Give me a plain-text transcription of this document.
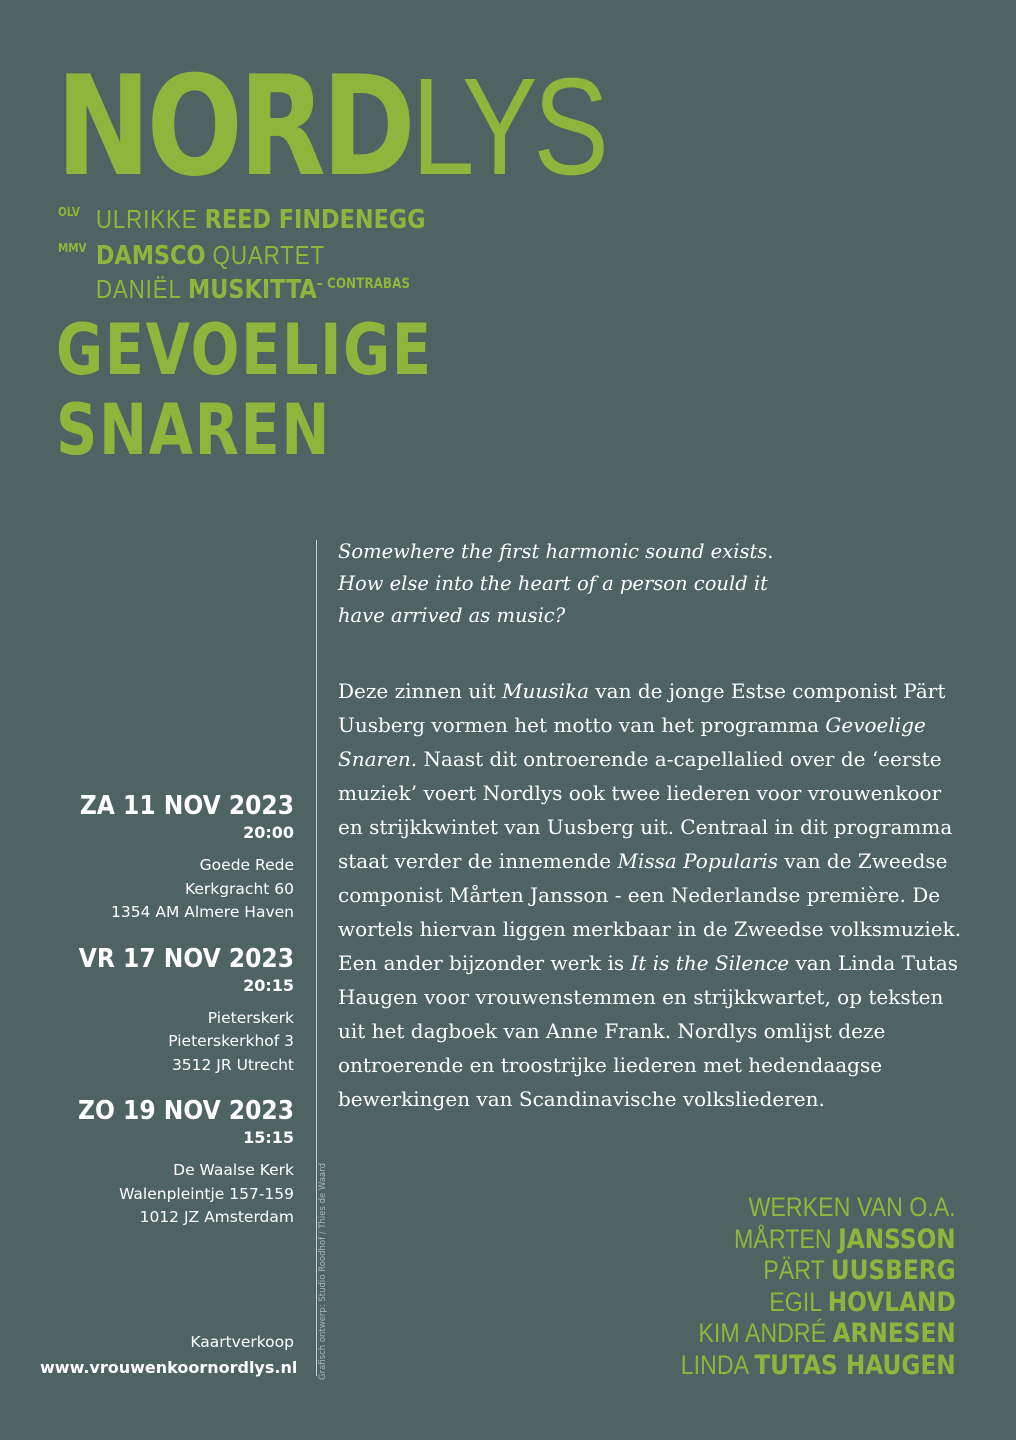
NORDLYS
OLV ULRIKKE REED FINDENEGG
MMV DAMSCO QUARTET
DANIËL $MUSKITTA^{- CONTRABAS}$
GEVOELIGE
SNAREN
ZA 11 NOV 2023
20:00
Goede Rede
Kerkgracht 60
1354 AM Almere Haven
VR 17 NOV 2023
20:15
Pieterskerk
Pieterskerkhof 3
3512 JR Utrecht
ZO 19 NOV 2023
15:15
De Waalse Kerk
Walenpleintje 157-159
1012 JZ Amsterdam
Kaartverkoop
www.vrouwenkoornordlys.nl Grafisch ontwerp: Studio Roodhof / Thies de Waard

Somewhere the first harmonic sound exists.

How else into the heart of a person could it

have arrived as music?

Deze zinnen uit Muusika van de jonge Estse componist Pärt Uusberg vormen het motto van het programma Gevoelige Snaren. Naast dit ontroerende a-capellalied over de ‘eerste muziek’ voert Nordlys ook twee liederen voor vrouwenkoor en strijkkwintet van Uusberg uit. Centraal in dit programma staat verder de innemende Missa Popularis van de Zweedse componist Mårten Jansson - een Nederlandse première. De wortels hiervan liggen merkbaar in de Zweedse volksmuziek. Een ander bijzonder werk is It is the Silence van Linda Tutas Haugen voor vrouwenstemmen en strijkkwartet, op teksten uit het dagboek van Anne Frank. Nordlys omlijst deze ontroerende en troostrijke liederen met hedendaagse bewerkingen van Scandinavische volksliederen.

WERKEN VAN O.A.
MÅRTEN JANSSON
PÄRT UUSBERG
EGIL HOVLAND
KIM ANDRÉ ARNESEN
LINDA TUTAS HAUGEN
